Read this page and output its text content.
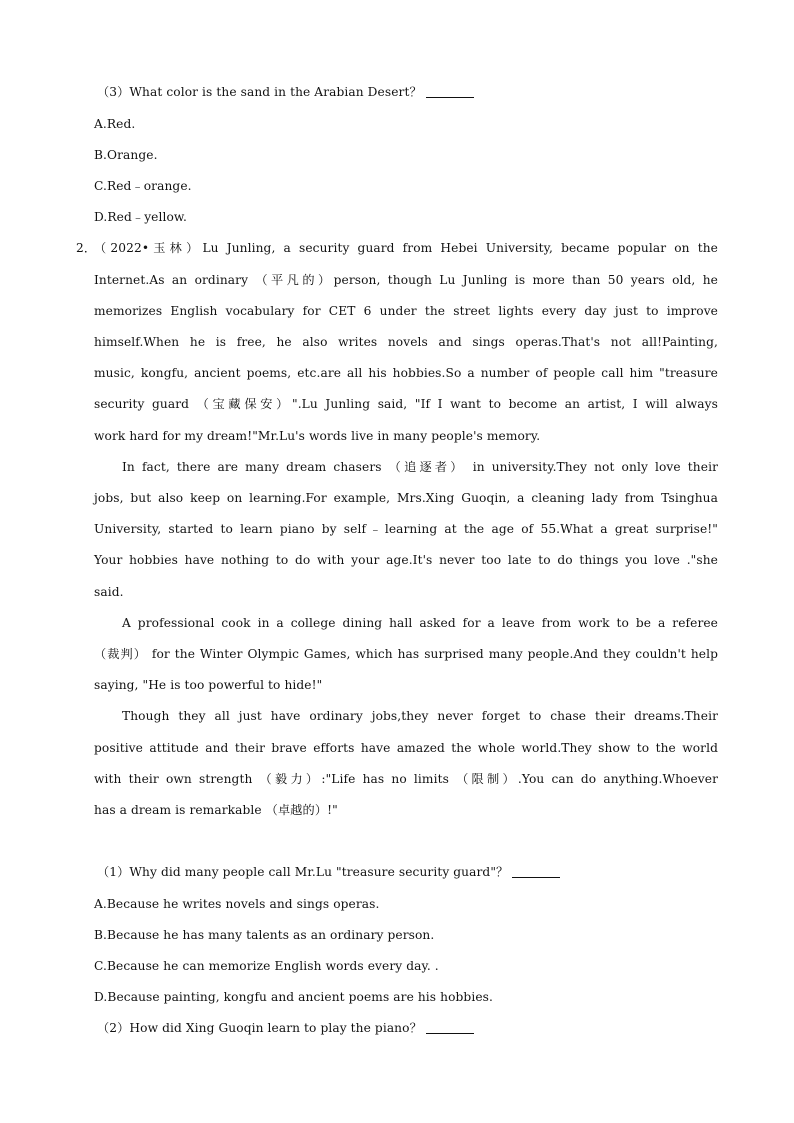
（3）What color is the sand in the Arabian Desert？
A.Red.
B.Orange.
C.Red﹣orange.
D.Red﹣yellow.
2．
（2022•玉林）Lu Junling, a security guard from Hebei University, became popular on the
Internet.As an ordinary （平凡的）person, though Lu Junling is more than 50 years old, he
memorizes English vocabulary for CET 6 under the street lights every day just to improve
himself.When he is free, he also writes novels and sings operas.That's not all!Painting,
music, kongfu, ancient poems, etc.are all his hobbies.So a number of people call him "treasure
security guard （宝藏保安）".Lu Junling said, "If I want to become an artist, I will always
work hard for my dream!"Mr.Lu's words live in many people's memory.
In fact, there are many dream chasers （追逐者） in university.They not only love their
jobs, but also keep on learning.For example, Mrs.Xing Guoqin, a cleaning lady from Tsinghua
University, started to learn piano by self﹣learning at the age of 55.What a great surprise!"
Your hobbies have nothing to do with your age.It's never too late to do things you love ."she
said.
A professional cook in a college dining hall asked for a leave from work to be a referee
（裁判） for the Winter Olympic Games, which has surprised many people.And they couldn't help
saying, "He is too powerful to hide!"
Though they all just have ordinary jobs,they never forget to chase their dreams.Their
positive attitude and their brave efforts have amazed the whole world.They show to the world
with their own strength （毅力）:"Life has no limits （限制）.You can do anything.Whoever
has a dream is remarkable （卓越的）!"
（1）Why did many people call Mr.Lu "treasure security guard"？
A.Because he writes novels and sings operas.
B.Because he has many talents as an ordinary person.
C.Because he can memorize English words every day. .
D.Because painting, kongfu and ancient poems are his hobbies.
（2）How did Xing Guoqin learn to play the piano？
